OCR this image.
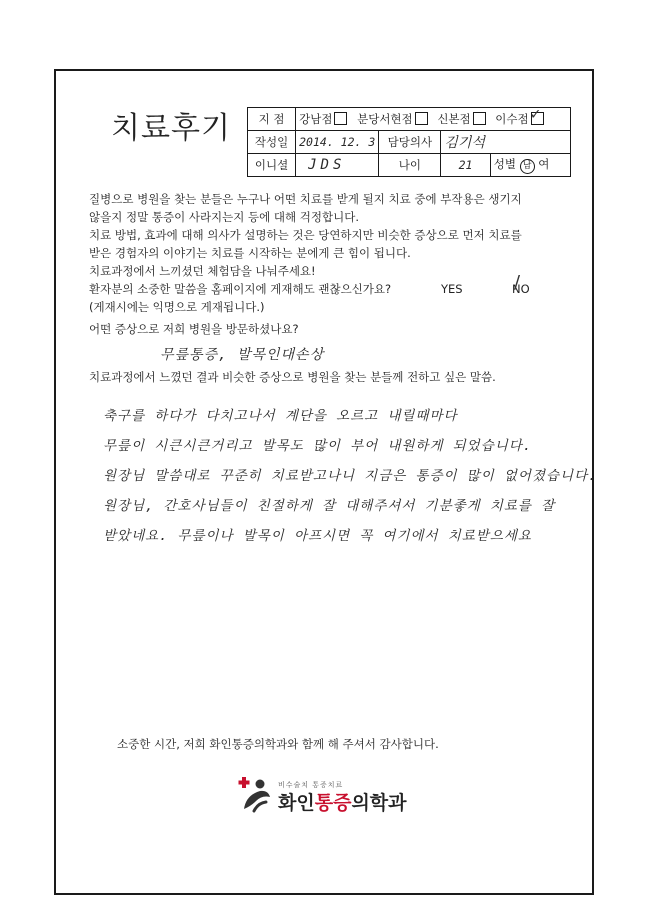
치료후기 지 점	강남점 분당서현점 신본점 이수점✓
작성일	2014. 12. 3	담당의사	김기석	
이니셜	JDS	나이	21	성별 남 여
질병으로 병원을 찾는 분들은 누구나 어떤 치료를 받게 될지 치료 중에 부작용은 생기지
않을지 정말 통증이 사라지는지 등에 대해 걱정합니다.
치료 방법, 효과에 대해 의사가 설명하는 것은 당연하지만 비슷한 증상으로 먼저 치료를
받은 경험자의 이야기는 치료를 시작하는 분에게 큰 힘이 됩니다.
치료과정에서 느끼셨던 체험담을 나눠주세요!
환자분의 소중한 말씀을 홈페이지에 게재해도 괜찮으신가요?	YES	NO /
(게재시에는 익명으로 게재됩니다.)
어떤 증상으로 저희 병원을 방문하셨나요?
무릎통증, 발목인대손상
치료과정에서 느꼈던 결과 비슷한 증상으로 병원을 찾는 분들께 전하고 싶은 말씀.
축구를 하다가 다치고나서 계단을 오르고 내릴때마다
무릎이 시큰시큰거리고 발목도 많이 부어 내원하게 되었습니다.
원장님 말씀대로 꾸준히 치료받고나니 지금은 통증이 많이 없어졌습니다.
원장님, 간호사님들이 친절하게 잘 대해주셔서 기분좋게 치료를 잘
받았네요. 무릎이나 발목이 아프시면 꼭 여기에서 치료받으세요
소중한 시간, 저희 화인통증의학과와 함께 해 주셔서 감사합니다.
비수술치 통증치료
화인통증의학과
